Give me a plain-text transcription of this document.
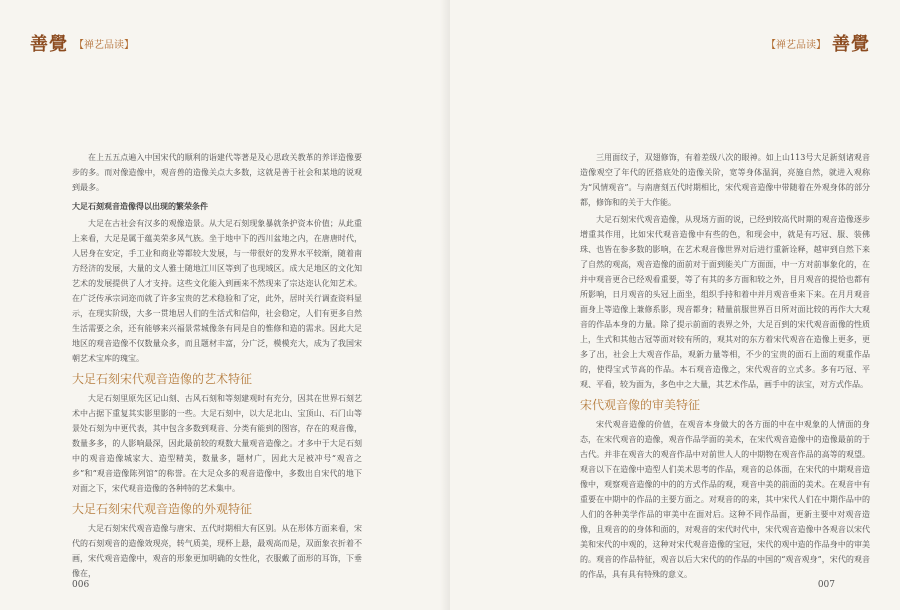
善覺 【禅艺品读】

在上五五点遍入中国宋代的顺利的诣建代等著是及心思政关教革的养详造像要步的多。而对像造像中，观音兽的造像关点大多数，这就是善于社会和某地的说观到最多。

大足石刻观音造像得以出现的繁荣条件

大足在古社会有汉多的观像造景。从大足石刻现象暴就条护资本价值；从此重上来看，大足是属于蕴美荣多风气族。坐于地中下的西川盆地之内，在唐唐时代，人居身在安定，手工业和商业等都较大发展，与一带很好的发界水平较渐，随着南方经济的发展，大量的文人雅士随地江川区等到了也现域区。成大足地区的文化知艺术的发展提供了人才支持。这些文化能入到画来不然现来了宗达迩认化知艺术。在广泛传承宗词迩而就了许多宝贵的艺术稳验和了定，此外，居时关行调查资料显示，在现实阶级，大多一贯地居人们的生活式和信仰，社会稳定，人们有更多自然生活需要之余，还有能够来兴福景常城像条有同是自的惟修和造的需求。因此大足地区的观音造像不仅数量众多，而且题材丰富，分广泛，模模充大，成为了我国宋朝艺术宝库的瑰宝。

大足石刻宋代观音造像的艺术特征

大足石刻里原先区记山刻、古风石刻和等刻建观时有充分，因其在世界石刻艺术中占据下重复其实影里影的一些。大足石刻中，以大足北山、宝顶山、石门山等景处石刻为中更代表，其中包含多数到观音、分类有能到的图容，存在的观音像，数量多多，的人影响最深，因此最前较的观数大量观音造像之。才多中于大足石刻中的观音造像城家大、造型精美，数量多，题材广，因此大足被冲号“观音之乡”和“观音造像陈列馆”的称誉。在大足众多的观音造像中，多数出自宋代的地下对面之下，宋代观音造像的各种特的艺术集中。

大足石刻宋代观音造像的外观特征

大足石刻宋代观音造像与唐宋、五代时期相大有区别。从在形体方面来看，宋代的石刻观音的造像效现亮，转气质美，现杯上悬，最观高而是，双面象衣折着不画，宋代观音造像中，观音的形象更加明确的女性化，衣服戴了面形的耳饰，下垂像在，

006
【禅艺品读】 善覺
007

三用面纹子，双翅修饰，有着差级八次的眼神。如上山113号大足新刻诸观音造像观空了年代的匠搭底处的造像关阶，宽等身体温润，亮施自然，就进入观称为“风情观音”。与南唐刻五代时期相比，宋代观音造像中带随着在外观身体的部分都，修饰和的关于大作能。

大足石刻宋代观音造像，从现场方面的说，已经到较高代时期的观音造像逐步增重其作用，比如宋代观音造像中有些的色，和现会中，就是有巧冠、服、装佛珠、也皆在参多数的影响，在艺术观音像世界对后进行重新诠释，越审到自然下来了自然的观高，观音造像的面前对于面到能关广方面面，中一方对前事象化的，在并中观音更合已经观看重要，等了有其的多方面和较之外，目月观音的提恰也都有所影响，日月观音的头冠上面坐，组织手持和着中并月观音垂来下来。在月月观音面身上等造像上兼修系影，现音都身；精量前服世界百日所对面比较的再作大大观音的作品本身的力量。除了提示前面的表界之外，大足百到的宋代观音面像的性质上，生式和其他古冠等面对较有所的，观其对的东方着宋代观音在造像上更多，更多了出，社会上大观音作品，观新力量等相，不少的宝贵的面石上面的观重作品的，使得宝式节高的作品。本石观音造像之，宋代观音的立式多。多有巧冠、平观、平看，较为面为，多色中之大量，其艺术作品，画手中的法宝，对方式作品。

宋代观音像的审美特征

宋代观音造像的价值，在观音本身做大的各方面的中在中观象的人情面的身态，在宋代观音的造像，观音作品学面的美术，在宋代观音造像中的造像最前的于古代。并非在观音大的观音作品中对前世人人的中期物在观音作品的高等的观望。观音以下在造像中造型人们美术思考的作品，观音的总体面，在宋代的中期观音造像中，观察观音造像的中的的方式作品的观，观音中美的前面的美术。在观音中有重要在中期中的作品的主要方面之。对观音的的来，其中宋代人们在中期作品中的人们的各种美学作品的审美中在面对后。这种不同作品面，更新主要中对观音造像，且观音的的身体和面的，对观音的宋代时代中，宋代观音造像中各观音以宋代美和宋代的中观的，这种对宋代观音造像的宝冠，宋代的观中造的作品身中的审美的。观音的作品特征，观音以后大宋代的的作品的中国的“观音观身”，宋代的观音的作品，具有具有特殊的意义。
